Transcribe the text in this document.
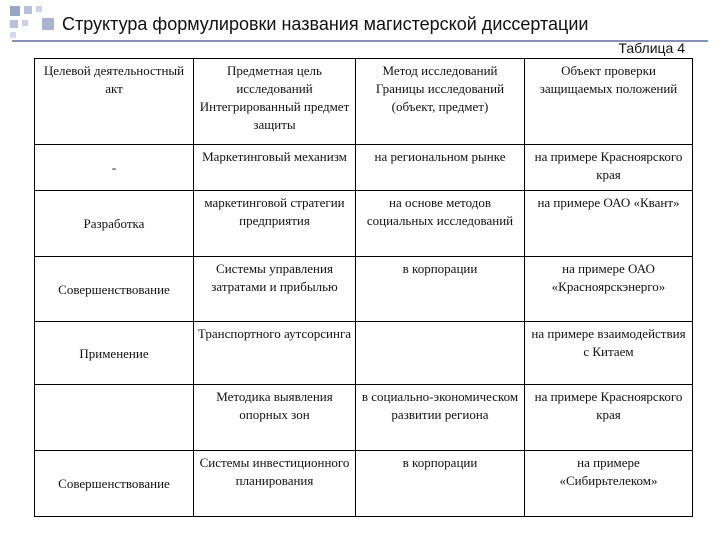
Структура формулировки названия магистерской диссертации
Таблица 4
Целевой деятельностный акт	Предметная цель исследований Интегрированный предмет защиты	Метод исследований Границы исследований (объект, предмет)	Объект проверки защищаемых положений
-	Маркетинговый механизм	на региональном рынке	на примере Красноярского края
Разработка	маркетинговой стратегии предприятия	на основе методов социальных исследований	на примере ОАО «Квант»
Совершенствование	Системы управления затратами и прибылью	в корпорации	на примере ОАО «Красноярскэнерго»
Применение	Транспортного аутсорсинга		на примере взаимодействия с Китаем
	Методика выявления опорных зон	в социально-экономическом развитии региона	на примере Красноярского края
Совершенствование	Системы инвестиционного планирования	в корпорации	на примере «Сибирьтелеком»
